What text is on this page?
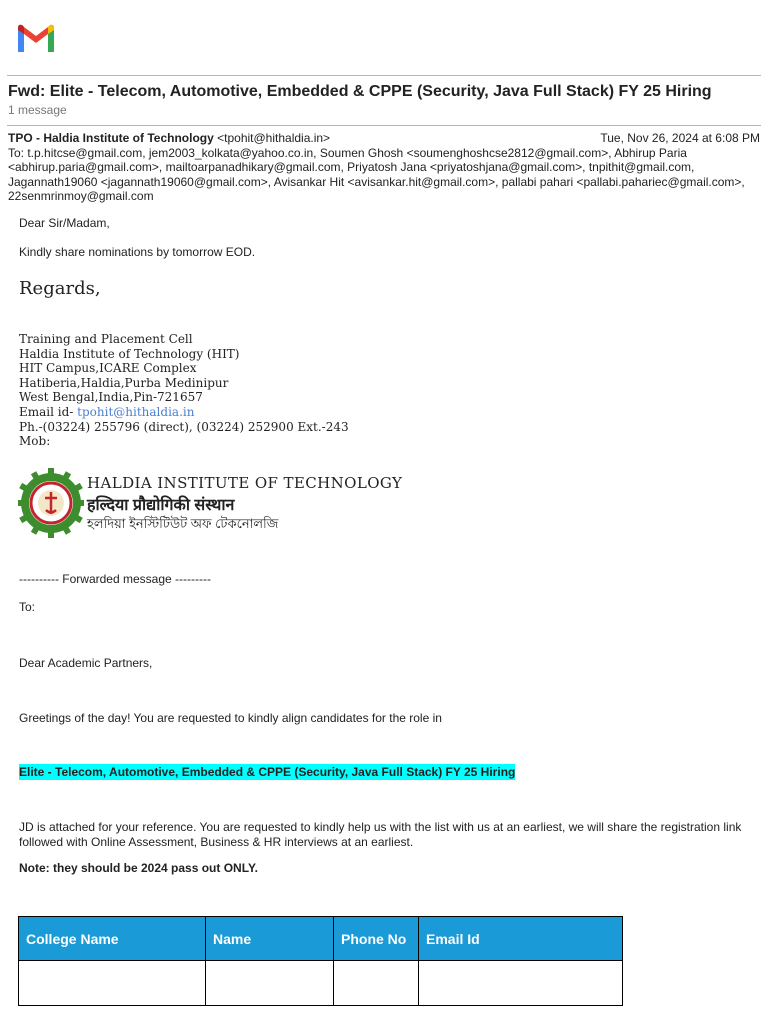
Fwd: Elite - Telecom, Automotive, Embedded & CPPE (Security, Java Full Stack) FY 25 Hiring
1 message
TPO - Haldia Institute of Technology <tpohit@hithaldia.in>	Tue, Nov 26, 2024 at 6:08 PM
To: t.p.hitcse@gmail.com, jem2003_kolkata@yahoo.co.in, Soumen Ghosh <soumenghoshcse2812@gmail.com>, Abhirup Paria <abhirup.paria@gmail.com>, mailtoarpanadhikary@gmail.com, Priyatosh Jana <priyatoshjana@gmail.com>, tnpithit@gmail.com, Jagannath19060 <jagannath19060@gmail.com>, Avisankar Hit <avisankar.hit@gmail.com>, pallabi pahari <pallabi.paharie​c@gmail.com>, 22senmrinmoy@gmail.com
Dear Sir/Madam,
Kindly share nominations by tomorrow EOD.
Regards,
Training and Placement Cell
Haldia Institute of Technology (HIT)
HIT Campus,ICARE Complex
Hatiberia,Haldia,Purba Medinipur
West Bengal,India,Pin-721657
Email id- tpohit@hithaldia.in
Ph.-(03224) 255796 (direct), (03224) 252900 Ext.-243
Mob:
HALDIA INSTITUTE OF TECHNOLOGY
हल्दिया प्रौद्योगिकी संस्थान
হলদিয়া ইনস্টিটিউট অফ টেকনোলজি
---------- Forwarded message ---------
To:
Dear Academic Partners,
Greetings of the day! You are requested to kindly align candidates for the role in
Elite - Telecom, Automotive, Embedded & CPPE (Security, Java Full Stack) FY 25 Hiring
JD is attached for your reference. You are requested to kindly help us with the list with us at an earliest, we will share the registration link followed with Online Assessment, Business & HR interviews at an earliest.
Note: they should be 2024 pass out ONLY.
College Name	Name	Phone No	Email Id
